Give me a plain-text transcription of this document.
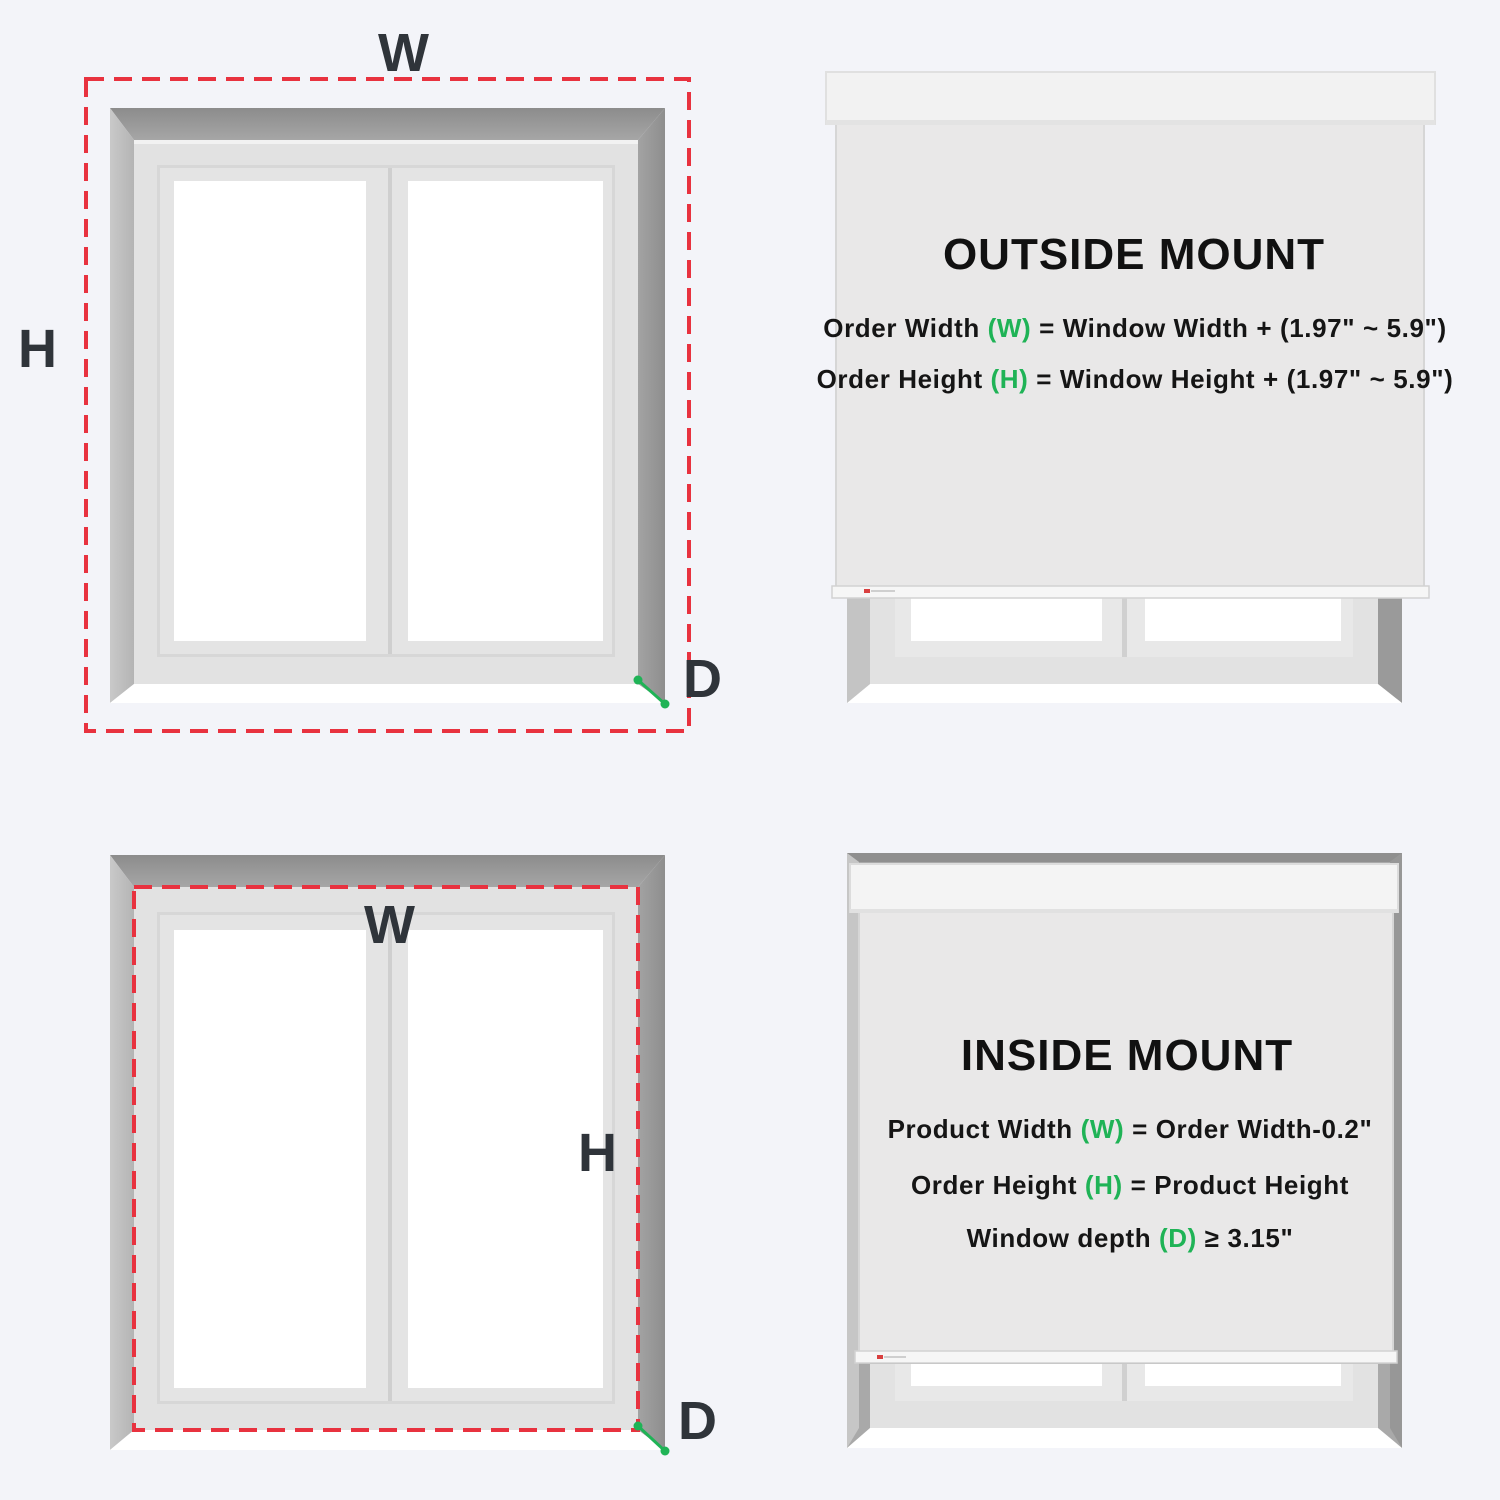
W
H
D
W
H
D
OUTSIDE MOUNT
Order Width (W) = Window Width + (1.97" ~ 5.9")
Order Height (H) = Window Height + (1.97" ~ 5.9")
INSIDE MOUNT
Product Width (W) = Order Width-0.2"
Order Height (H) = Product Height
Window depth (D) ≥ 3.15"
